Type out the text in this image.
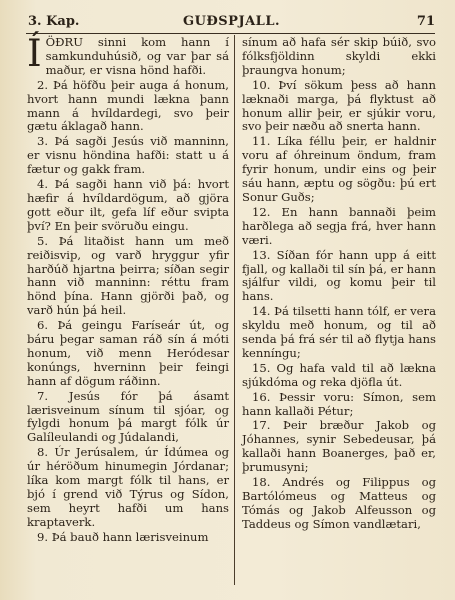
3. Kap.	GUÐSPJALL.	71

ÍÖÐRU sinni kom hann í samkunduhúsið, og var þar sá maður, er visna hönd hafði.

2. Þá höfðu þeir auga á honum, hvort hann mundi lækna þann mann á hvíldardegi, svo þeir gætu áklagað hann.

3. Þá sagði Jesús við manninn, er visnu höndina hafði: statt u á fætur og gakk fram.

4. Þá sagði hann við þá: hvort hæfir á hvíldardögum, að gjöra gott eður ilt, gefa líf eður svipta því? En þeir svöruðu eingu.

5. Þá litaðist hann um með reiðisvip, og varð hryggur yfir harðúð hjartna þeirra; síðan segir hann við manninn: réttu fram hönd þína. Hann gjörði það, og varð hún þá heil.

6. Þá geingu Faríseár út, og báru þegar saman ráð sín á móti honum, við menn Heródesar konúngs, hverninn þeir feingi hann af dögum ráðinn.

7. Jesús fór þá ásamt lærisveinum sínum til sjóar, og fylgdi honum þá margt fólk úr Galíleulandi og Júdalandi,

8. Úr Jerúsalem, úr Ídúmea og úr héröðum hinumegin Jórdanar; líka kom margt fólk til hans, er bjó í grend við Týrus og Sídon, sem heyrt hafði um hans kraptaverk.

9. Þá bauð hann lærisveinum

sínum að hafa sér skip búið, svo fólksfjöldinn skyldi ekki þraungva honum;

10. Því sökum þess að hann læknaði marga, þá flyktust að honum allir þeir, er sjúkir voru, svo þeir næðu að snerta hann.

11. Líka féllu þeir, er haldnir voru af óhreinum öndum, fram fyrir honum, undir eins og þeir sáu hann, æptu og sögðu: þú ert Sonur Guðs;

12. En hann bannaði þeim harðlega að segja frá, hver hann væri.

13. Síðan fór hann upp á eitt fjall, og kallaði til sín þá, er hann sjálfur vildi, og komu þeir til hans.

14. Þá tilsetti hann tólf, er vera skyldu með honum, og til að senda þá frá sér til að flytja hans kenníngu;

15. Og hafa vald til að lækna sjúkdóma og reka djöfla út.

16. Þessir voru: Símon, sem hann kallaði Pétur;

17. Þeir bræður Jakob og Jóhannes, synir Sebedeusar, þá kallaði hann Boanerges, það er, þrumusyni;

18. Andrés og Filippus og Bartólómeus og Matteus og Tómás og Jakob Alfeusson og Taddeus og Símon vandlætari,
